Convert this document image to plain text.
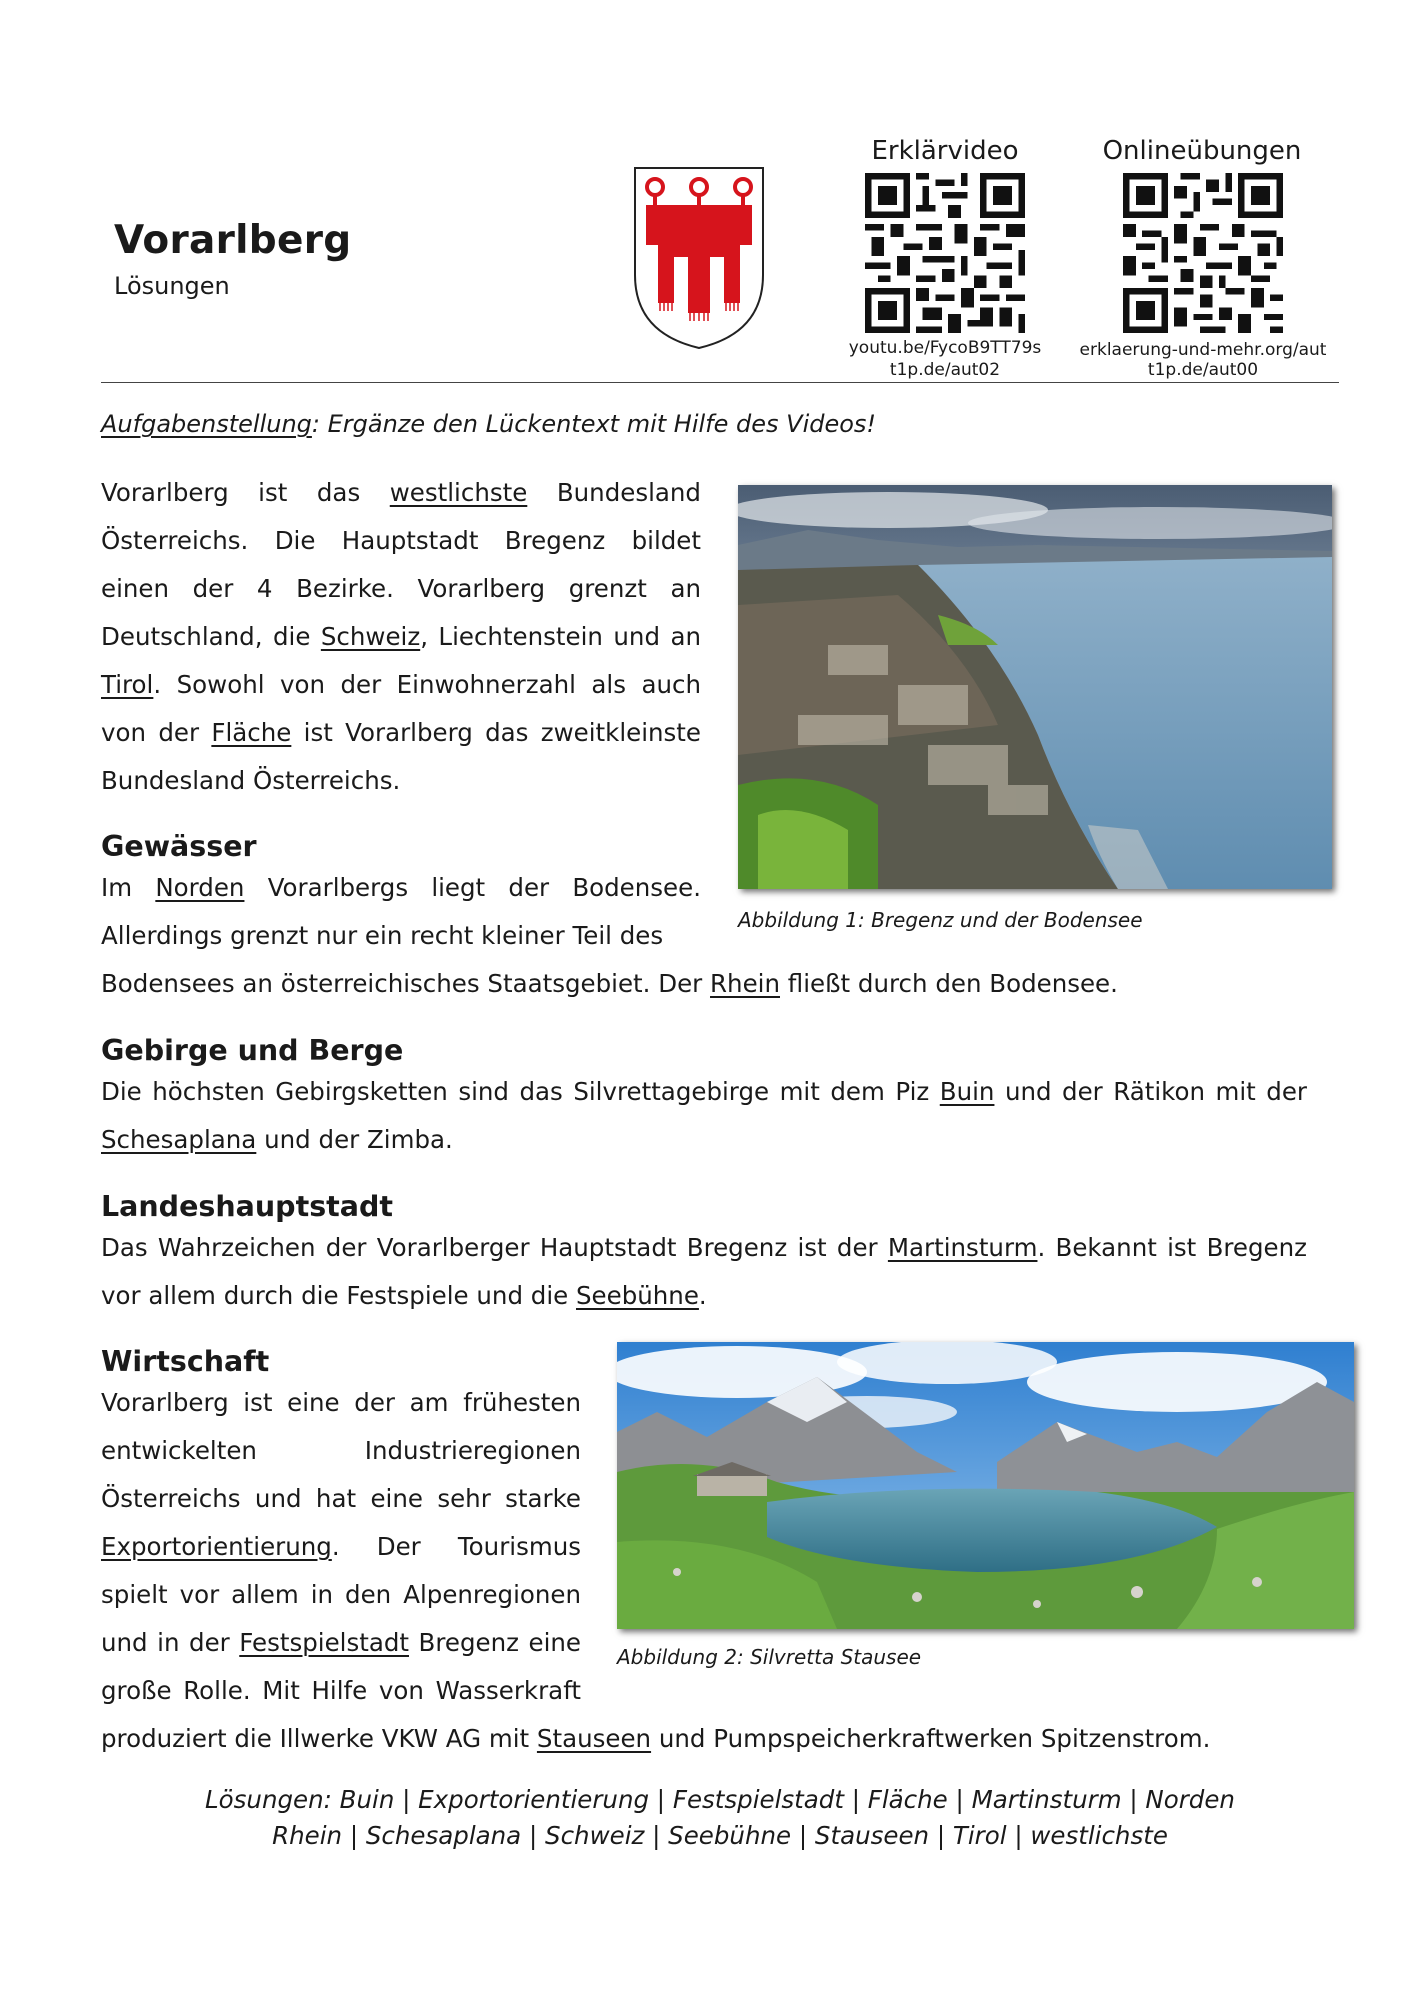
Vorarlberg
Lösungen
Erklärvideo
youtu.be/FycoB9TT79s
t1p.de/aut02
Onlineübungen
erklaerung-und-mehr.org/aut
t1p.de/aut00
Aufgabenstellung: Ergänze den Lückentext mit Hilfe des Videos!
Vorarlberg ist das westlichste Bundesland Österreichs. Die Hauptstadt Bregenz bildet einen der 4 Bezirke. Vorarlberg grenzt an Deutschland, die Schweiz, Liechtenstein und an Tirol. Sowohl von der Einwohnerzahl als auch von der Fläche ist Vorarlberg das zweitkleinste Bundesland Österreichs.
Abbildung 1: Bregenz und der Bodensee
Gewässer
Im Norden Vorarlbergs liegt der Bodensee. Allerdings grenzt nur ein recht kleiner Teil des
Bodensees an österreichisches Staatsgebiet. Der Rhein fließt durch den Bodensee.
Gebirge und Berge
Die höchsten Gebirgsketten sind das Silvrettagebirge mit dem Piz Buin und der Rätikon mit der Schesaplana und der Zimba.
Landeshauptstadt
Das Wahrzeichen der Vorarlberger Hauptstadt Bregenz ist der Martinsturm. Bekannt ist Bregenz vor allem durch die Festspiele und die Seebühne.
Abbildung 2: Silvretta Stausee
Wirtschaft
Vorarlberg ist eine der am frühesten entwickelten Industrieregionen Österreichs und hat eine sehr starke Exportorientierung. Der Tourismus spielt vor allem in den Alpenregionen und in der Festspielstadt Bregenz eine große Rolle. Mit Hilfe von Wasserkraft
produziert die Illwerke VKW AG mit Stauseen und Pumpspeicherkraftwerken Spitzenstrom.
Lösungen: Buin | Exportorientierung | Festspielstadt | Fläche | Martinsturm | Norden
Rhein | Schesaplana | Schweiz | Seebühne | Stauseen | Tirol | westlichste
